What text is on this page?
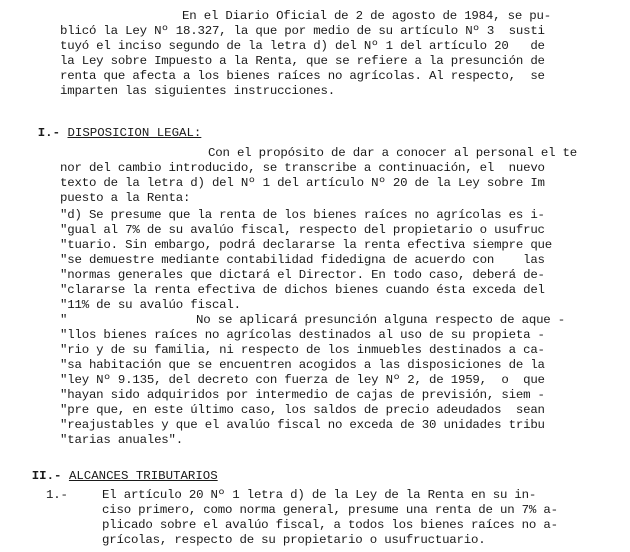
En el Diario Oficial de 2 de agosto de 1984, se pu-
blicó la Ley Nº 18.327, la que por medio de su artículo Nº 3  susti
tuyó el inciso segundo de la letra d) del Nº 1 del artículo 20   de
la Ley sobre Impuesto a la Renta, que se refiere a la presunción de
renta que afecta a los bienes raíces no agrícolas. Al respecto,  se
imparten las siguientes instrucciones.

I.- DISPOSICION LEGAL:

Con el propósito de dar a conocer al personal el te
nor del cambio introducido, se transcribe a continuación, el  nuevo
texto de la letra d) del Nº 1 del artículo Nº 20 de la Ley sobre Im
puesto a la Renta:
"d) Se presume que la renta de los bienes raíces no agrícolas es i-
"gual al 7% de su avalúo fiscal, respecto del propietario o usufruc
"tuario. Sin embargo, podrá declararse la renta efectiva siempre que
"se demuestre mediante contabilidad fidedigna de acuerdo con    las
"normas generales que dictará el Director. En todo caso, deberá de-
"clararse la renta efectiva de dichos bienes cuando ésta exceda del
"11% de su avalúo fiscal.
"	No se aplicará presunción alguna respecto de aque -
"llos bienes raíces no agrícolas destinados al uso de su propieta -
"rio y de su familia, ni respecto de los inmuebles destinados a ca-
"sa habitación que se encuentren acogidos a las disposiciones de la
"ley Nº 9.135, del decreto con fuerza de ley Nº 2, de 1959,  o  que
"hayan sido adquiridos por intermedio de cajas de previsión, siem -
"pre que, en este último caso, los saldos de precio adeudados  sean
"reajustables y que el avalúo fiscal no exceda de 30 unidades tribu
"tarias anuales".

II.- ALCANCES TRIBUTARIOS

1.-	El artículo 20 Nº 1 letra d) de la Ley de la Renta en su in-
ciso primero, como norma general, presume una renta de un 7% a-
plicado sobre el avalúo fiscal, a todos los bienes raíces no a-
grícolas, respecto de su propietario o usufructuario.
